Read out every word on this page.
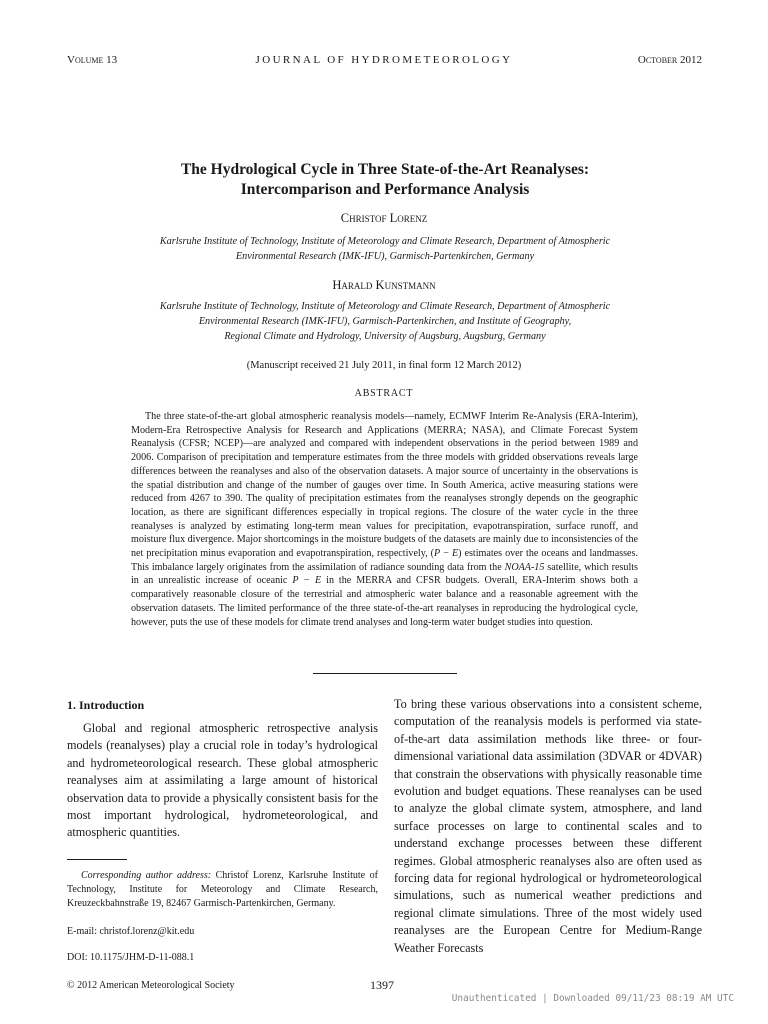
Volume 13	JOURNAL OF HYDROMETEOROLOGY	October 2012
The Hydrological Cycle in Three State-of-the-Art Reanalyses:
Intercomparison and Performance Analysis
Christof Lorenz
Karlsruhe Institute of Technology, Institute of Meteorology and Climate Research, Department of Atmospheric
Environmental Research (IMK-IFU), Garmisch-Partenkirchen, Germany
Harald Kunstmann
Karlsruhe Institute of Technology, Institute of Meteorology and Climate Research, Department of Atmospheric
Environmental Research (IMK-IFU), Garmisch-Partenkirchen, and Institute of Geography,
Regional Climate and Hydrology, University of Augsburg, Augsburg, Germany
(Manuscript received 21 July 2011, in final form 12 March 2012)
ABSTRACT

The three state-of-the-art global atmospheric reanalysis models—namely, ECMWF Interim Re-Analysis (ERA-Interim), Modern-Era Retrospective Analysis for Research and Applications (MERRA; NASA), and Climate Forecast System Reanalysis (CFSR; NCEP)—are analyzed and compared with independent observations in the period between 1989 and 2006. Comparison of precipitation and temperature estimates from the three models with gridded observations reveals large differences between the reanalyses and also of the observation datasets. A major source of uncertainty in the observations is the spatial distribution and change of the number of gauges over time. In South America, active measuring stations were reduced from 4267 to 390. The quality of precipitation estimates from the reanalyses strongly depends on the geographic location, as there are significant differences especially in tropical regions. The closure of the water cycle in the three reanalyses is analyzed by estimating long-term mean values for precipitation, evapotranspiration, surface runoff, and moisture flux divergence. Major shortcomings in the moisture budgets of the datasets are mainly due to inconsistencies of the net precipitation minus evaporation and evapotranspiration, respectively, (P − E) estimates over the oceans and landmasses. This imbalance largely originates from the assimilation of radiance sounding data from the NOAA-15 satellite, which results in an unrealistic increase of oceanic P − E in the MERRA and CFSR budgets. Overall, ERA-Interim shows both a comparatively reasonable closure of the terrestrial and atmospheric water balance and a reasonable agreement with the observation datasets. The limited performance of the three state-of-the-art reanalyses in reproducing the hydrological cycle, however, puts the use of these models for climate trend analyses and long-term water budget studies into question.

1. Introduction

Global and regional atmospheric retrospective analysis models (reanalyses) play a crucial role in today’s hydrological and hydrometeorological research. These global atmospheric reanalyses aim at assimilating a large amount of historical observation data to provide a physically consistent basis for the most important hydrological, hydrometeorological, and atmospheric quantities.

To bring these various observations into a consistent scheme, computation of the reanalysis models is performed via state-of-the-art data assimilation methods like three- or four-dimensional variational data assimilation (3DVAR or 4DVAR) that constrain the observations with physically reasonable time evolution and budget equations. These reanalyses can be used to analyze the global climate system, atmosphere, and land surface processes on large to continental scales and to understand exchange processes between these different regimes. Global atmospheric reanalyses also are often used as forcing data for regional hydrological or hydrometeorological simulations, such as numerical weather predictions and regional climate simulations. Three of the most widely used reanalyses are the European Centre for Medium-Range Weather Forecasts

Corresponding author address: Christof Lorenz, Karlsruhe Institute of Technology, Institute for Meteorology and Climate Research, Kreuzeckbahnstraße 19, 82467 Garmisch-Partenkirchen, Germany.

E-mail: christof.lorenz@kit.edu
DOI: 10.1175/JHM-D-11-088.1
© 2012 American Meteorological Society	1397
Unauthenticated | Downloaded 09/11/23 08:19 AM UTC
